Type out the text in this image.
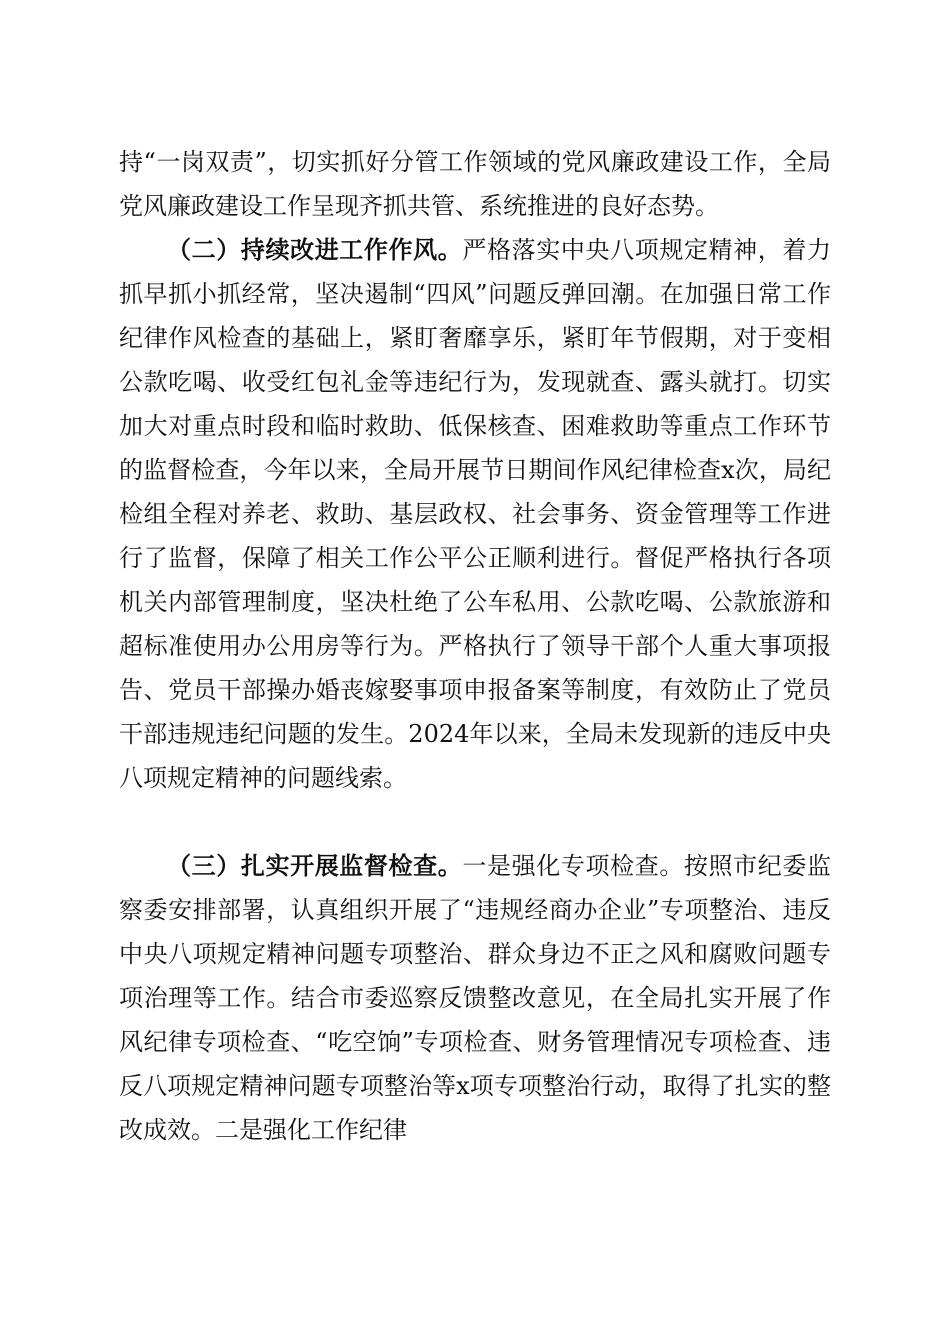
持“一岗双责”，切实抓好分管工作领域的党风廉政建设工作，全局党风廉政建设工作呈现齐抓共管、系统推进的良好态势。

（二）持续改进工作作风。严格落实中央八项规定精神，着力抓早抓小抓经常，坚决遏制“四风”问题反弹回潮。在加强日常工作纪律作风检查的基础上，紧盯奢靡享乐，紧盯年节假期，对于变相公款吃喝、收受红包礼金等违纪行为，发现就查、露头就打。切实加大对重点时段和临时救助、低保核查、困难救助等重点工作环节的监督检查，今年以来，全局开展节日期间作风纪律检查x次，局纪检组全程对养老、救助、基层政权、社会事务、资金管理等工作进行了监督，保障了相关工作公平公正顺利进行。督促严格执行各项机关内部管理制度，坚决杜绝了公车私用、公款吃喝、公款旅游和超标准使用办公用房等行为。严格执行了领导干部个人重大事项报告、党员干部操办婚丧嫁娶事项申报备案等制度，有效防止了党员干部违规违纪问题的发生。2024年以来，全局未发现新的违反中央八项规定精神的问题线索。

（三）扎实开展监督检查。一是强化专项检查。按照市纪委监察委安排部署，认真组织开展了“违规经商办企业”专项整治、违反中央八项规定精神问题专项整治、群众身边不正之风和腐败问题专项治理等工作。结合市委巡察反馈整改意见，在全局扎实开展了作风纪律专项检查、“吃空饷”专项检查、财务管理情况专项检查、违反八项规定精神问题专项整治等x项专项整治行动，取得了扎实的整改成效。二是强化工作纪律
